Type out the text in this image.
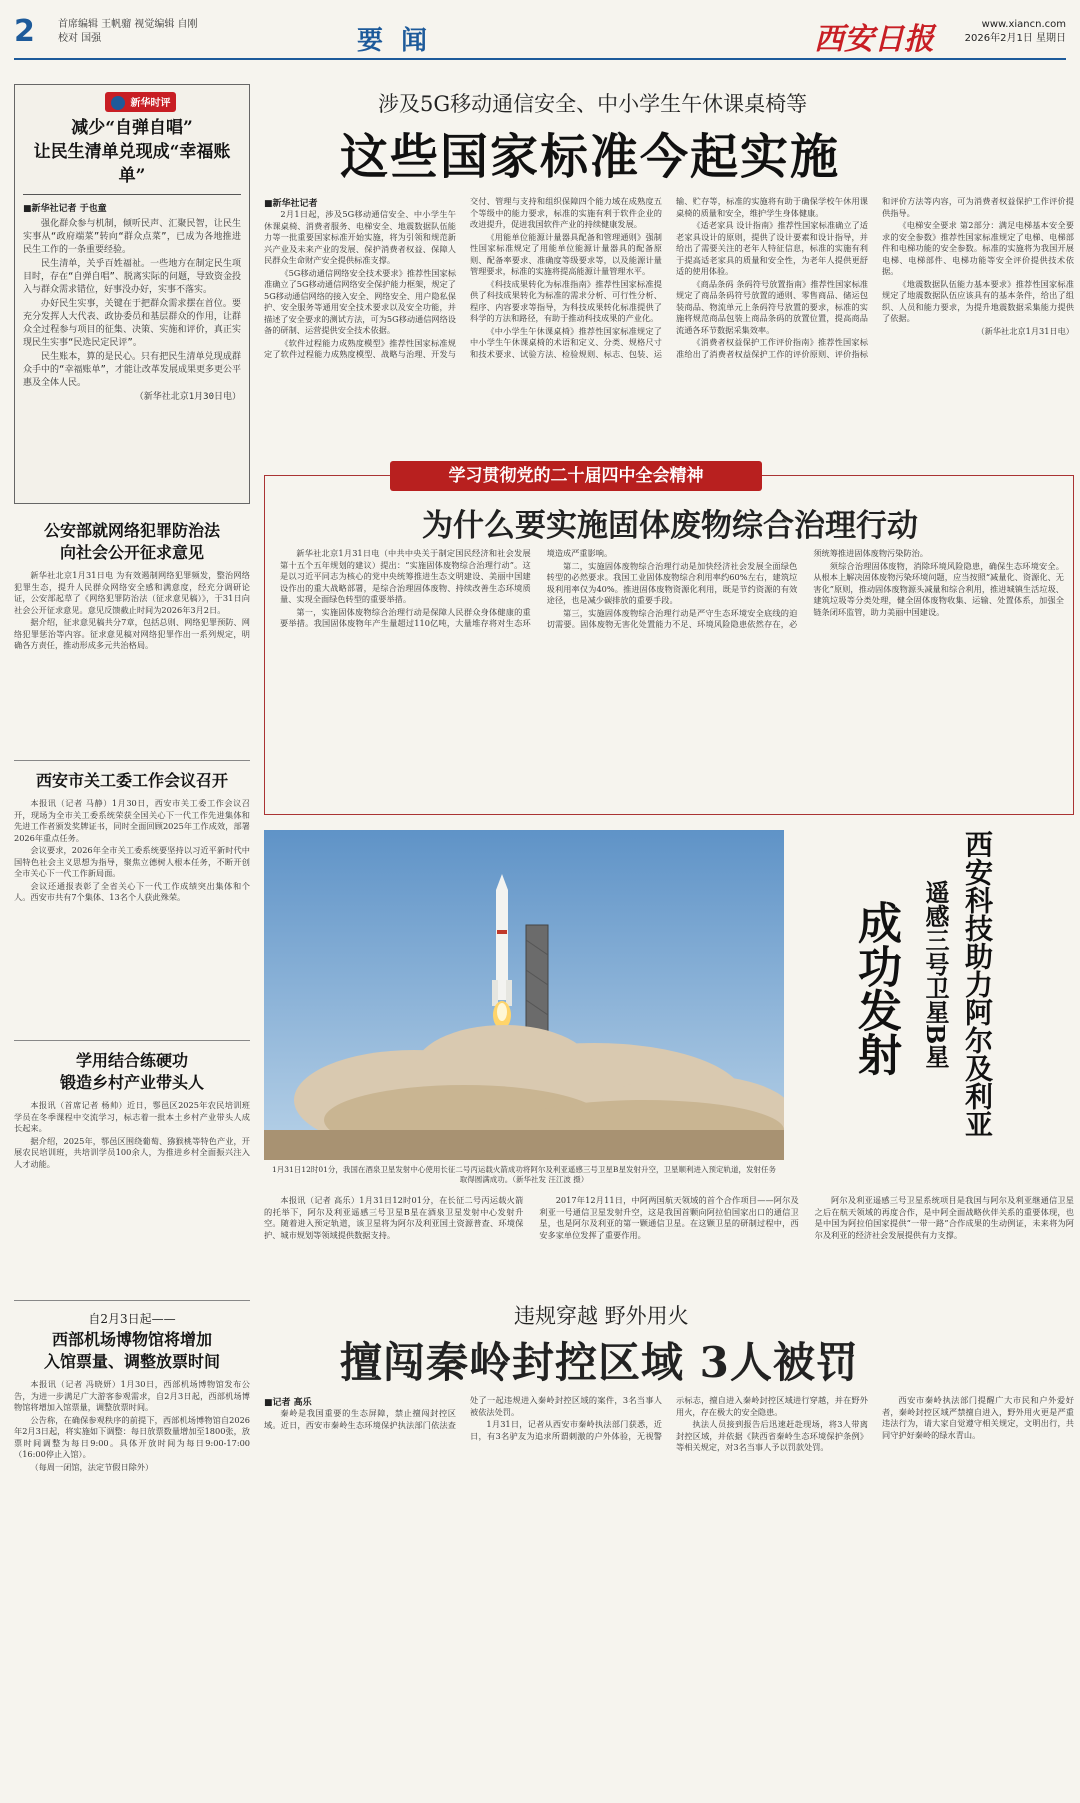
2 首席编辑 王帆骝 视觉编辑 自刚
校对 国强	要闻	西安日报	www.xiancn.com
2026年2月1日 星期日
新华时评
减少“自弹自唱”
让民生清单兑现成“幸福账单”
■新华社记者 于也童

强化群众参与机制，倾听民声、汇聚民智，让民生实事从“政府端菜”转向“群众点菜”，已成为各地推进民生工作的一条重要经验。

民生清单，关乎百姓福祉。一些地方在制定民生项目时，存在“自弹自唱”、脱离实际的问题，导致资金投入与群众需求错位，好事没办好，实事不落实。

办好民生实事，关键在于把群众需求摆在首位。要充分发挥人大代表、政协委员和基层群众的作用，让群众全过程参与项目的征集、决策、实施和评价，真正实现民生实事“民选民定民评”。

民生账本，算的是民心。只有把民生清单兑现成群众手中的“幸福账单”，才能让改革发展成果更多更公平惠及全体人民。

（新华社北京1月30日电）

公安部就网络犯罪防治法
向社会公开征求意见

新华社北京1月31日电 为有效遏制网络犯罪频发，整治网络犯罪生态，提升人民群众网络安全感和满意度，经充分调研论证，公安部起草了《网络犯罪防治法（征求意见稿）》，于31日向社会公开征求意见。意见反馈截止时间为2026年3月2日。

据介绍，征求意见稿共分7章，包括总则、网络犯罪预防、网络犯罪惩治等内容。征求意见稿对网络犯罪作出一系列规定，明确各方责任，推动形成多元共治格局。

西安市关工委工作会议召开

本报讯（记者 马静）1月30日，西安市关工委工作会议召开，现场为全市关工委系统荣获全国关心下一代工作先进集体和先进工作者颁发奖牌证书，同时全面回顾2025年工作成效，部署2026年重点任务。

会议要求，2026年全市关工委系统要坚持以习近平新时代中国特色社会主义思想为指导，聚焦立德树人根本任务，不断开创全市关心下一代工作新局面。

会议还通报表彰了全省关心下一代工作成绩突出集体和个人。西安市共有7个集体、13名个人获此殊荣。

学用结合练硬功
锻造乡村产业带头人

本报讯（首席记者 杨帅）近日，鄠邑区2025年农民培训班学员在冬季课程中交流学习，标志着一批本土乡村产业带头人成长起来。

据介绍，2025年，鄠邑区围绕葡萄、猕猴桃等特色产业，开展农民培训班，共培训学员100余人，为推进乡村全面振兴注入人才动能。

自2月3日起——
西部机场博物馆将增加
入馆票量、调整放票时间

本报讯（记者 冯晓妍）1月30日，西部机场博物馆发布公告，为进一步满足广大游客参观需求，自2月3日起，西部机场博物馆将增加入馆票量，调整放票时间。

公告称，在确保参观秩序的前提下，西部机场博物馆自2026年2月3日起，将实施如下调整：每日放票数量增加至1800张，放票时间调整为每日9:00。具体开放时间为每日9:00-17:00（16:00停止入馆）。

（每周一闭馆，法定节假日除外）

涉及5G移动通信安全、中小学生午休课桌椅等
这些国家标准今起实施
■新华社记者

2月1日起，涉及5G移动通信安全、中小学生午休课桌椅、消费者服务、电梯安全、地震数据队伍能力等一批重要国家标准开始实施，将为引领和规范新兴产业及未来产业的发展、保护消费者权益、保障人民群众生命财产安全提供标准支撑。

《5G移动通信网络安全技术要求》推荐性国家标准确立了5G移动通信网络安全保护能力框架，规定了5G移动通信网络的接入安全、网络安全、用户隐私保护、安全服务等通用安全技术要求以及安全功能，并描述了安全要求的测试方法，可为5G移动通信网络设备的研制、运营提供安全技术依据。

《软件过程能力成熟度模型》推荐性国家标准规定了软件过程能力成熟度模型、战略与治理、开发与交付、管理与支持和组织保障四个能力域在成熟度五个等级中的能力要求，标准的实施有利于软件企业的改进提升，促进我国软件产业的持续健康发展。

《用能单位能源计量器具配备和管理通则》强制性国家标准规定了用能单位能源计量器具的配备原则、配备率要求、准确度等级要求等，以及能源计量管理要求，标准的实施将提高能源计量管理水平。

《科技成果转化为标准指南》推荐性国家标准提供了科技成果转化为标准的需求分析、可行性分析、程序、内容要求等指导，为科技成果转化标准提供了科学的方法和路径，有助于推动科技成果的产业化。

《中小学生午休课桌椅》推荐性国家标准规定了中小学生午休课桌椅的术语和定义、分类、规格尺寸和技术要求、试验方法、检验规则、标志、包装、运输、贮存等，标准的实施将有助于确保学校午休用课桌椅的质量和安全，维护学生身体健康。

《适老家具 设计指南》推荐性国家标准确立了适老家具设计的原则，提供了设计要素和设计指导，并给出了需要关注的老年人特征信息，标准的实施有利于提高适老家具的质量和安全性，为老年人提供更舒适的使用体验。

《商品条码 条码符号放置指南》推荐性国家标准规定了商品条码符号放置的通则、零售商品、储运包装商品、物流单元上条码符号放置的要求，标准的实施将规范商品包装上商品条码的放置位置，提高商品流通各环节数据采集效率。

《消费者权益保护工作评价指南》推荐性国家标准给出了消费者权益保护工作的评价原则、评价指标和评价方法等内容，可为消费者权益保护工作评价提供指导。

《电梯安全要求 第2部分：满足电梯基本安全要求的安全参数》推荐性国家标准规定了电梯、电梯部件和电梯功能的安全参数。标准的实施将为我国开展电梯、电梯部件、电梯功能等安全评价提供技术依据。

《地震数据队伍能力基本要求》推荐性国家标准规定了地震数据队伍应该具有的基本条件，给出了组织、人员和能力要求，为提升地震数据采集能力提供了依据。

（新华社北京1月31日电）

学习贯彻党的二十届四中全会精神
为什么要实施固体废物综合治理行动

新华社北京1月31日电（中共中央关于制定国民经济和社会发展第十五个五年规划的建议）提出：“实施固体废物综合治理行动”。这是以习近平同志为核心的党中央统筹推进生态文明建设、美丽中国建设作出的重大战略部署，是综合治理固体废物、持续改善生态环境质量、实现全面绿色转型的重要举措。

第一，实施固体废物综合治理行动是保障人民群众身体健康的重要举措。我国固体废物年产生量超过110亿吨，大量堆存将对生态环境造成严重影响。

第二，实施固体废物综合治理行动是加快经济社会发展全面绿色转型的必然要求。我国工业固体废物综合利用率约60%左右，建筑垃圾利用率仅为40%。推进固体废物资源化利用，既是节约资源的有效途径，也是减少碳排放的重要手段。

第三，实施固体废物综合治理行动是严守生态环境安全底线的迫切需要。固体废物无害化处置能力不足、环境风险隐患依然存在，必须统筹推进固体废物污染防治。

须综合治理固体废物，消除环境风险隐患，确保生态环境安全。从根本上解决固体废物污染环境问题，应当按照“减量化、资源化、无害化”原则，推动固体废物源头减量和综合利用，推进城镇生活垃圾、建筑垃圾等分类处理，健全固体废物收集、运输、处置体系，加强全链条闭环监管，助力美丽中国建设。

1月31日12时01分，我国在酒泉卫星发射中心使用长征二号丙运载火箭成功将阿尔及利亚遥感三号卫星B星发射升空，卫星顺利进入预定轨道，发射任务取得圆满成功。（新华社发 汪江波 摄）
西安科技助力阿尔及利亚
遥感三号卫星B星
成功发射

本报讯（记者 高乐）1月31日12时01分，在长征二号丙运载火箭的托举下，阿尔及利亚遥感三号卫星B星在酒泉卫星发射中心发射升空。随着进入预定轨道，该卫星将为阿尔及利亚国土资源普查、环境保护、城市规划等领域提供数据支持。

2017年12月11日，中阿两国航天领域的首个合作项目——阿尔及利亚一号通信卫星发射升空，这是我国首颗向阿拉伯国家出口的通信卫星，也是阿尔及利亚的第一颗通信卫星。在这颗卫星的研制过程中，西安多家单位发挥了重要作用。

阿尔及利亚遥感三号卫星系统项目是我国与阿尔及利亚继通信卫星之后在航天领域的再度合作，是中阿全面战略伙伴关系的重要体现，也是中国为阿拉伯国家提供“一带一路”合作成果的生动例证，未来将为阿尔及利亚的经济社会发展提供有力支撑。

违规穿越 野外用火
擅闯秦岭封控区域 3人被罚
■记者 高乐

秦岭是我国重要的生态屏障，禁止擅闯封控区域。近日，西安市秦岭生态环境保护执法部门依法查处了一起违规进入秦岭封控区域的案件，3名当事人被依法处罚。

1月31日，记者从西安市秦岭执法部门获悉，近日，有3名驴友为追求所谓刺激的户外体验，无视警示标志，擅自进入秦岭封控区域进行穿越，并在野外用火，存在极大的安全隐患。

执法人员接到报告后迅速赶赴现场，将3人带离封控区域，并依据《陕西省秦岭生态环境保护条例》等相关规定，对3名当事人予以罚款处罚。

西安市秦岭执法部门提醒广大市民和户外爱好者，秦岭封控区域严禁擅自进入，野外用火更是严重违法行为，请大家自觉遵守相关规定，文明出行，共同守护好秦岭的绿水青山。
